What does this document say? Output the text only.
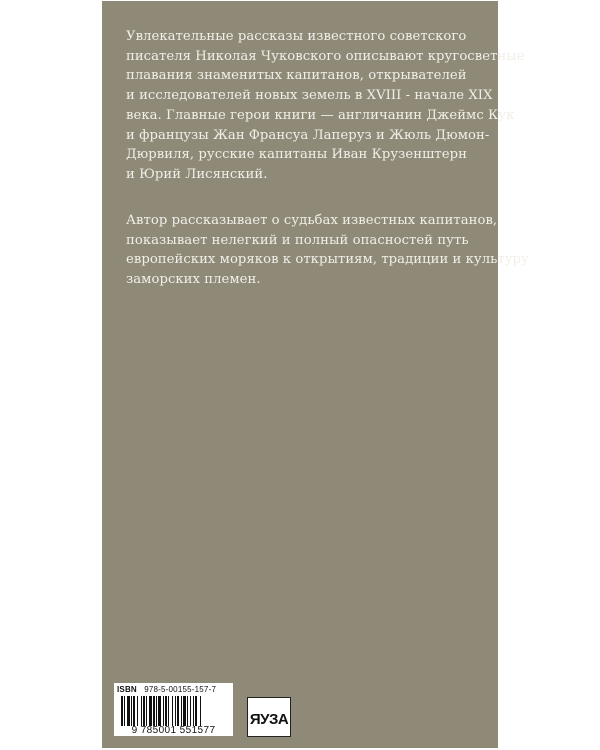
Увлекательные рассказы известного советского
писателя Николая Чуковского описывают кругосветные
плавания знаменитых капитанов, открывателей
и исследователей новых земель в XVIII - начале XIX
века. Главные герои книги — англичанин Джеймс Кук
и французы Жан Франсуа Лаперуз и Жюль Дюмон-
Дюрвиля, русские капитаны Иван Крузенштерн
и Юрий Лисянский.
Автор рассказывает о судьбах известных капитанов,
показывает нелегкий и полный опасностей путь
европейских моряков к открытиям, традиции и культуру
заморских племен.
ISBN 978-5-00155-157-7
9 785001 551577
ЯУЗА
